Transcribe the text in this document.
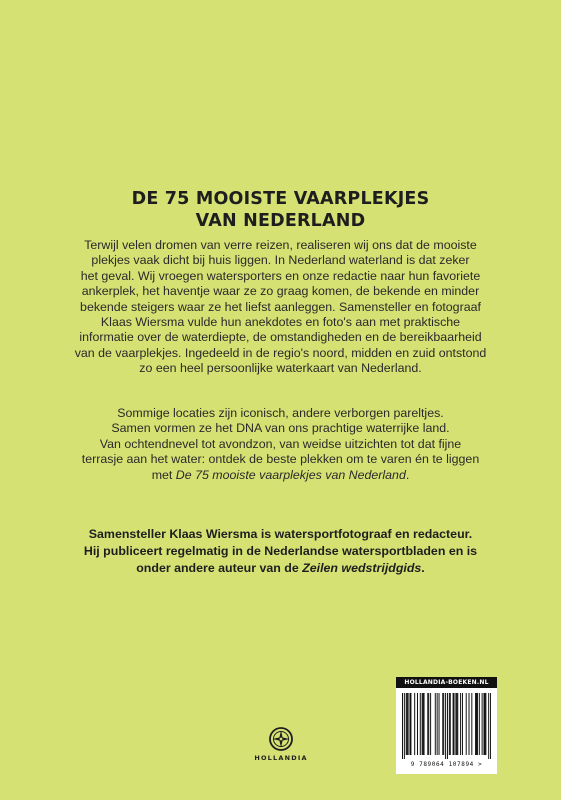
DE 75 MOOISTE VAARPLEKJES
VAN NEDERLAND
Terwijl velen dromen van verre reizen, realiseren wij ons dat de mooiste
plekjes vaak dicht bij huis liggen. In Nederland waterland is dat zeker
het geval. Wij vroegen watersporters en onze redactie naar hun favoriete
ankerplek, het haventje waar ze zo graag komen, de bekende en minder
bekende steigers waar ze het liefst aanleggen. Samensteller en fotograaf
Klaas Wiersma vulde hun anekdotes en foto's aan met praktische
informatie over de waterdiepte, de omstandigheden en de bereikbaarheid
van de vaarplekjes. Ingedeeld in de regio's noord, midden en zuid ontstond
zo een heel persoonlijke waterkaart van Nederland.
Sommige locaties zijn iconisch, andere verborgen pareltjes.
Samen vormen ze het DNA van ons prachtige waterrijke land.
Van ochtendnevel tot avondzon, van weidse uitzichten tot dat fijne
terrasje aan het water: ontdek de beste plekken om te varen én te liggen
met De 75 mooiste vaarplekjes van Nederland.
Samensteller Klaas Wiersma is watersportfotograaf en redacteur.
Hij publiceert regelmatig in de Nederlandse watersportbladen en is
onder andere auteur van de Zeilen wedstrijdgids.
HOLLANDIA
HOLLANDIA-BOEKEN.NL
9 789064 107894 >
